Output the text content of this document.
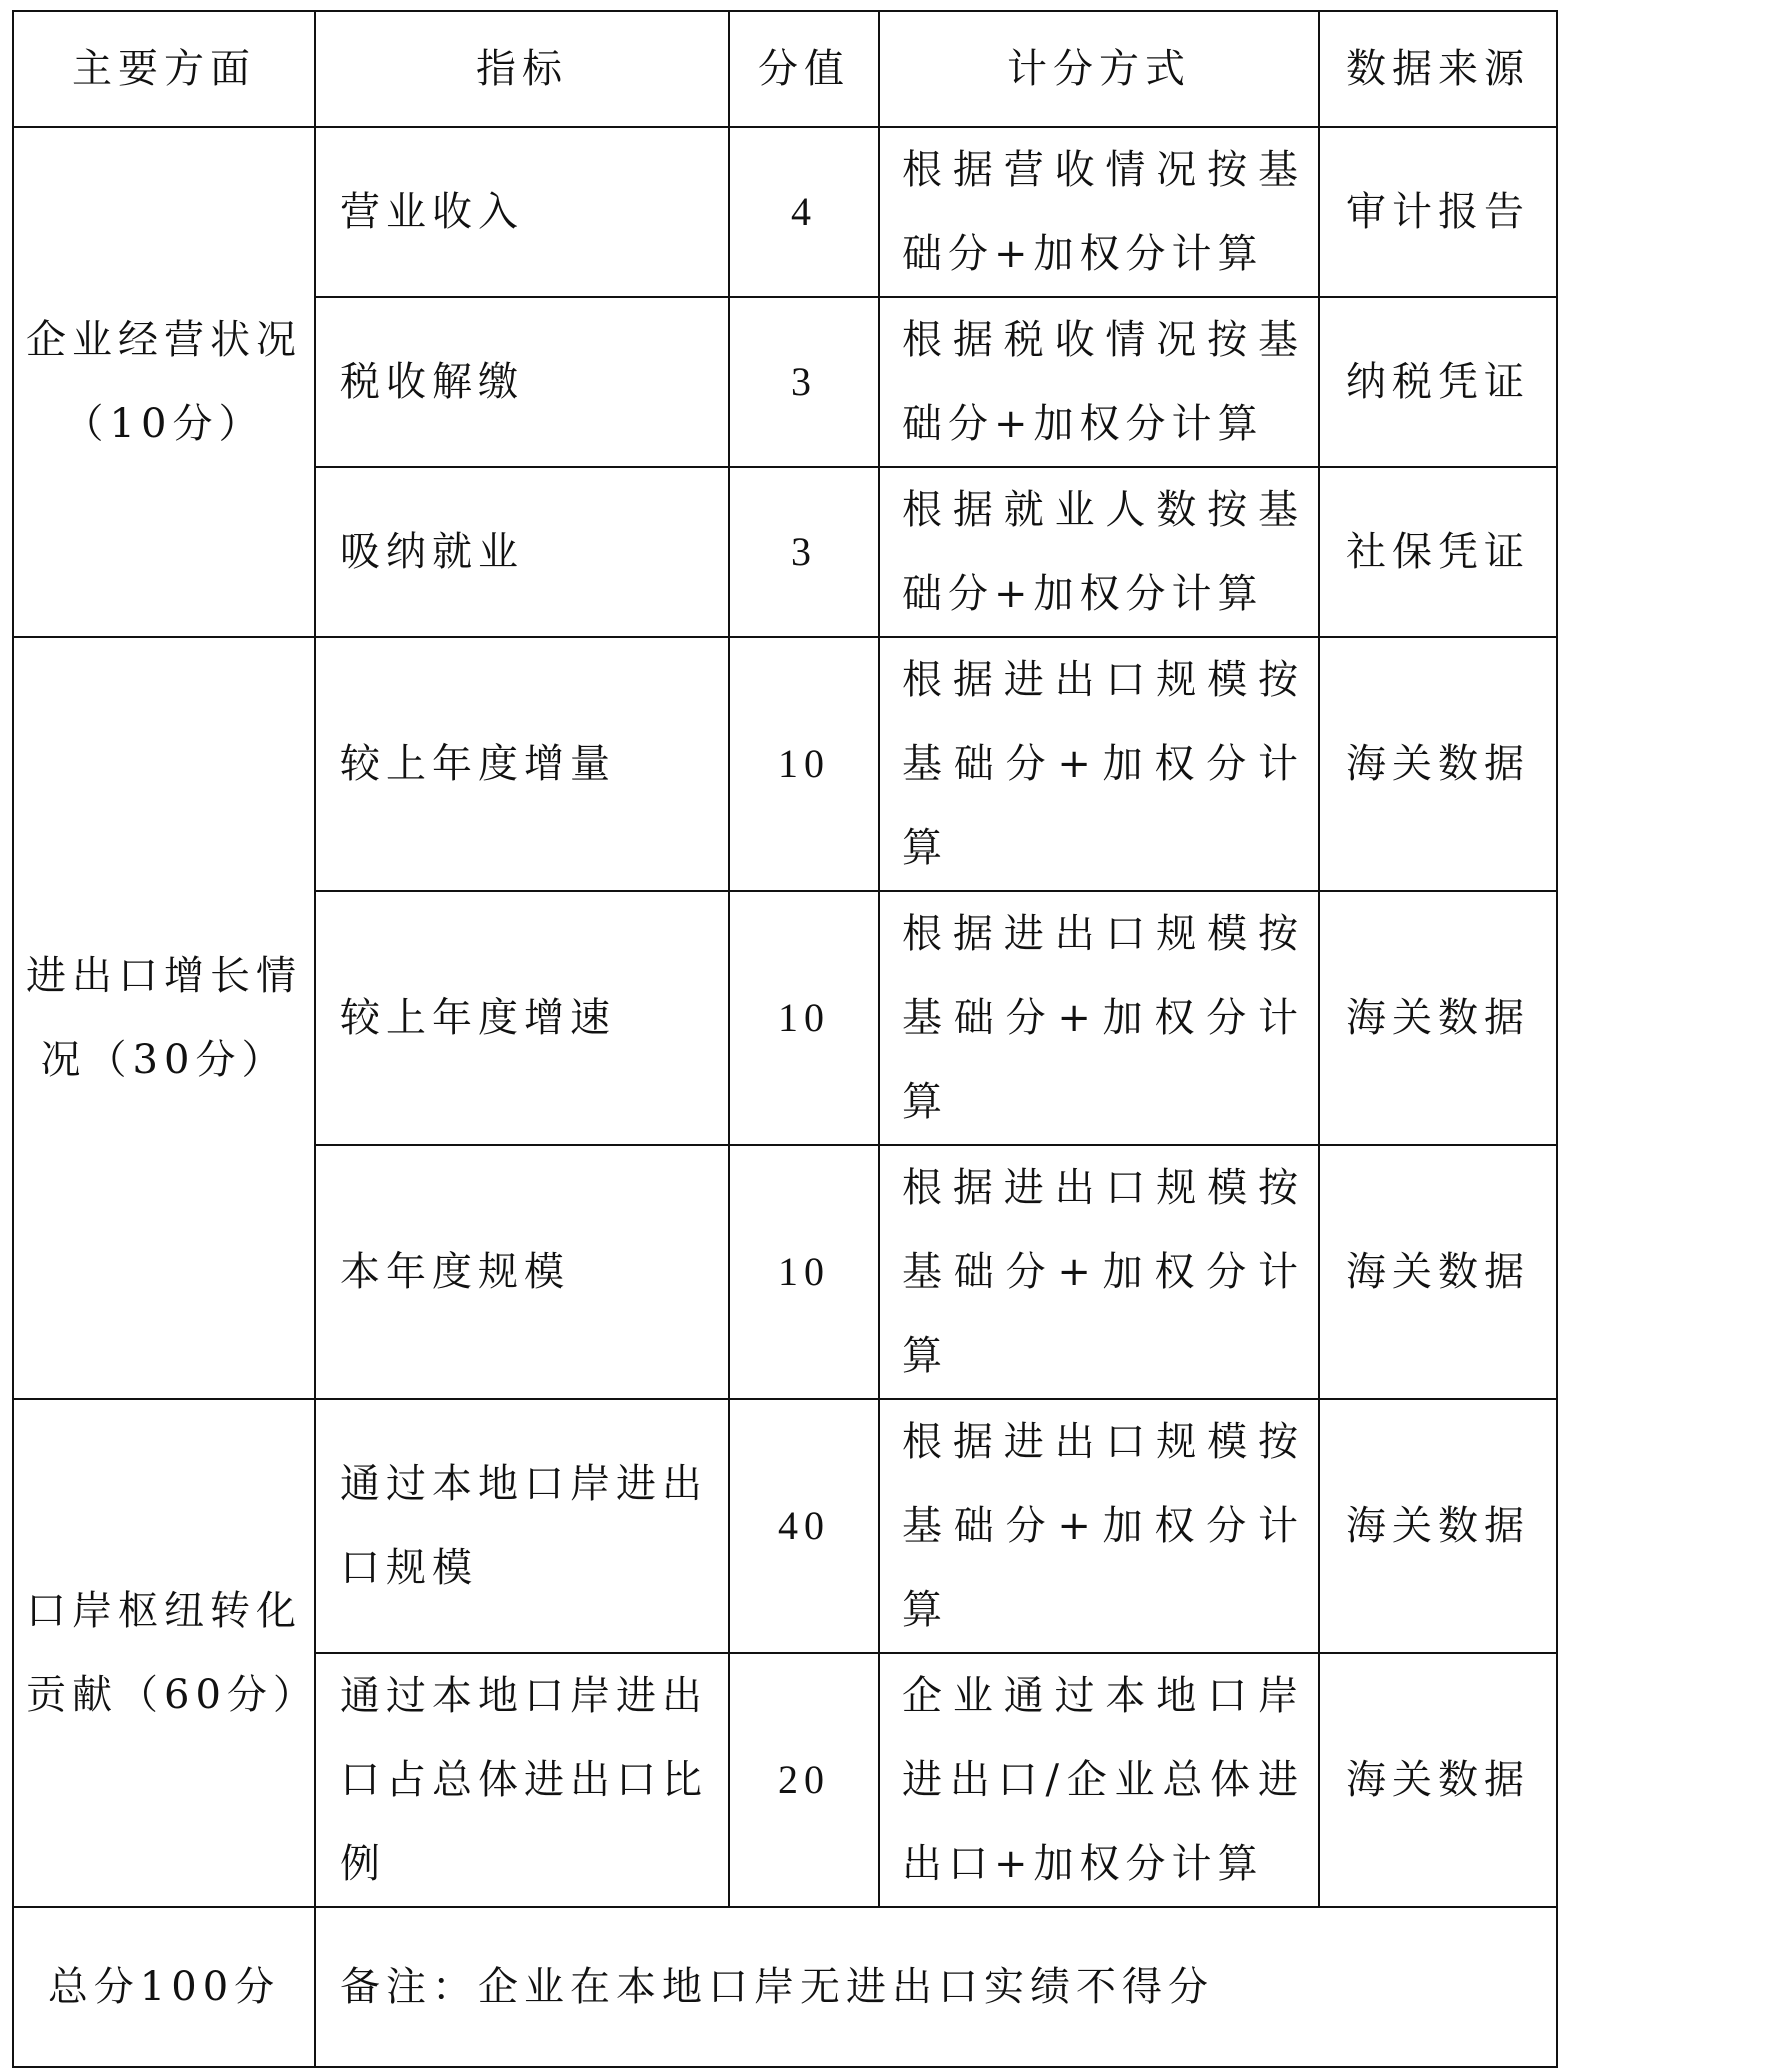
主要方面	指标	分值	计分方式	数据来源
企业经营状况（10分）	营业收入	4	根据营收情况按基础分+加权分计算	审计报告
	税收解缴	3	根据税收情况按基础分+加权分计算	纳税凭证
	吸纳就业	3	根据就业人数按基础分+加权分计算	社保凭证
进出口增长情况（30分）	较上年度增量	10	根据进出口规模按基础分+加权分计算	海关数据
	较上年度增速	10	根据进出口规模按基础分+加权分计算	海关数据
	本年度规模	10	根据进出口规模按基础分+加权分计算	海关数据
口岸枢纽转化贡献（60分）	通过本地口岸进出口规模	40	根据进出口规模按基础分+加权分计算	海关数据
	通过本地口岸进出口占总体进出口比例	20	企业通过本地口岸进出口/企业总体进出口+加权分计算	海关数据
总分100分	备注：企业在本地口岸无进出口实绩不得分			
